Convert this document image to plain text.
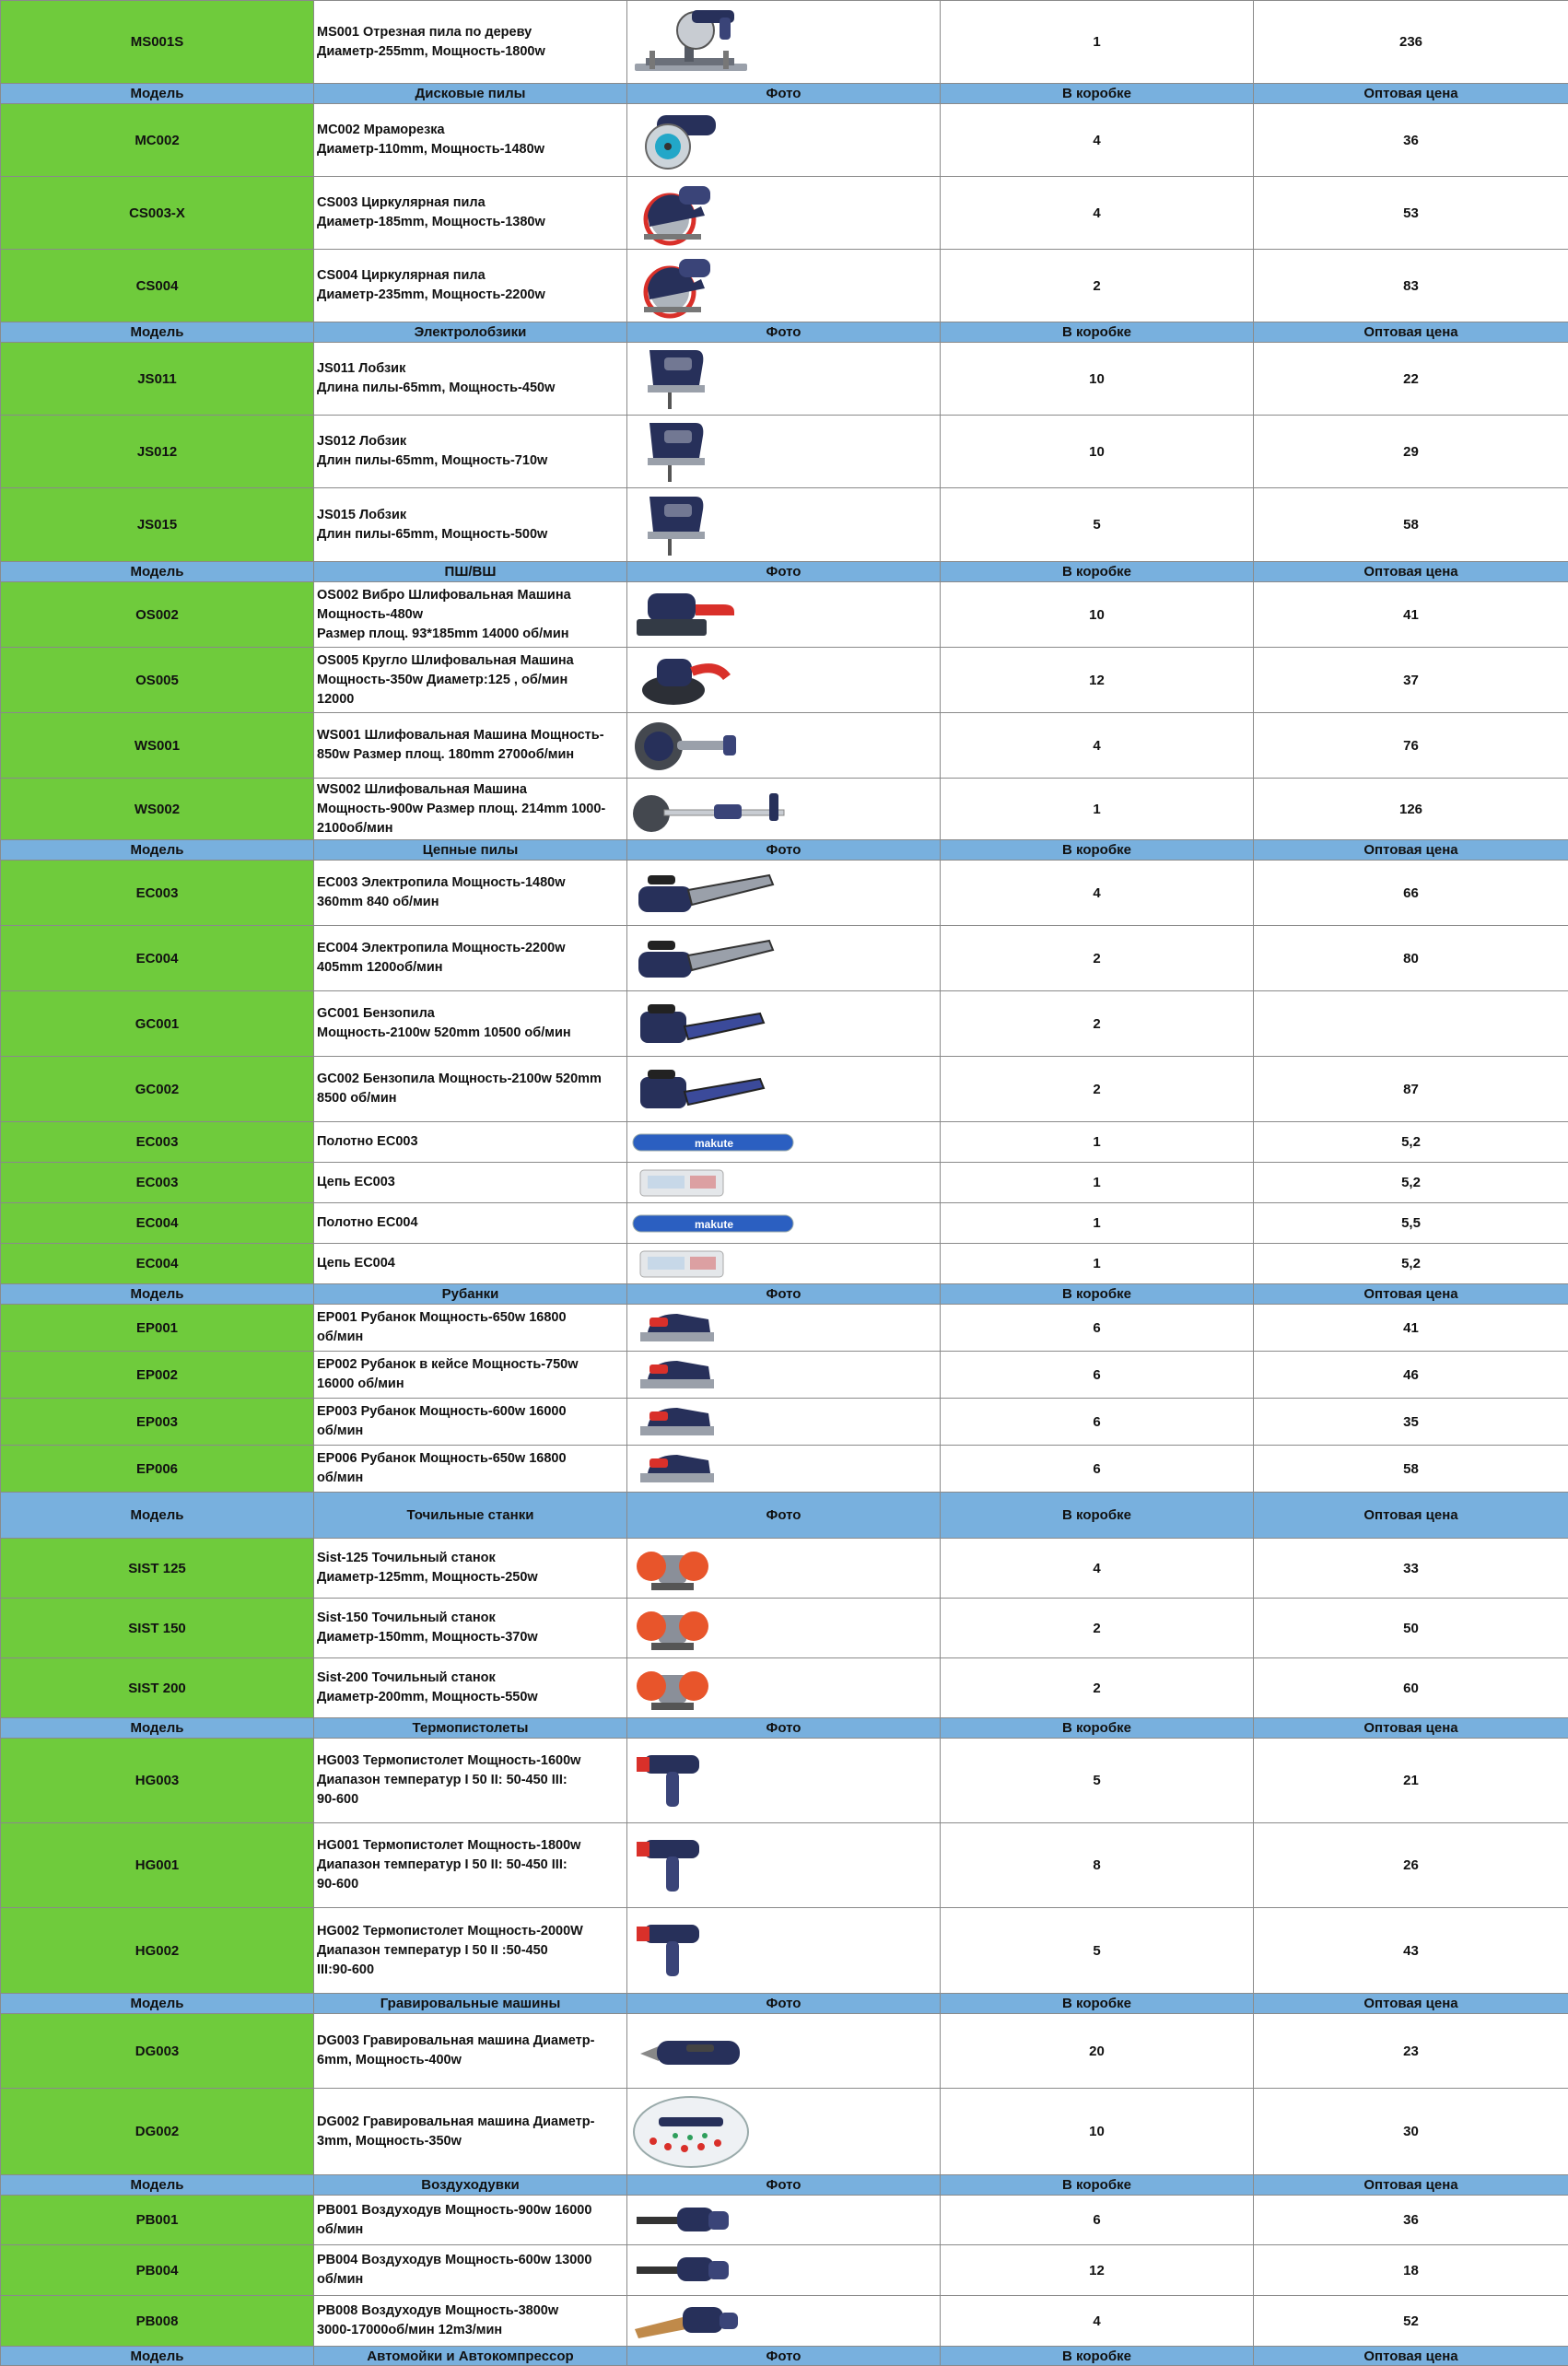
MS001S	MS001 Отрезная пила по дереву
Диаметр-255mm, Мощность-1800w		1	236
Модель	Дисковые пилы	Фото	В коробке	Оптовая цена
MC002	MC002 Мраморезка
Диаметр-110mm, Мощность-1480w		4	36
CS003-X	CS003 Циркулярная пила
Диаметр-185mm, Мощность-1380w		4	53
CS004	CS004 Циркулярная пила
Диаметр-235mm, Мощность-2200w		2	83
Модель	Электролобзики	Фото	В коробке	Оптовая цена
JS011	JS011 Лобзик
Длина пилы-65mm, Мощность-450w		10	22
JS012	JS012 Лобзик
Длин пилы-65mm, Мощность-710w		10	29
JS015	JS015 Лобзик
Длин пилы-65mm, Мощность-500w		5	58
Модель	ПШ/ВШ	Фото	В коробке	Оптовая цена
OS002	OS002 Вибро Шлифовальная Машина
Мощность-480w
Размер площ. 93*185mm 14000 об/мин		10	41
OS005	OS005 Кругло Шлифовальная Машина
Мощность-350w Диаметр:125 , об/мин
12000		12	37
WS001	WS001 Шлифовальная Машина Мощность-
850w Размер площ. 180mm 2700об/мин		4	76
WS002	WS002 Шлифовальная Машина
Мощность-900w Размер площ. 214mm 1000-
2100об/мин		1	126
Модель	Цепные пилы	Фото	В коробке	Оптовая цена
EC003	EC003 Электропила Мощность-1480w
360mm 840 об/мин		4	66
EC004	EC004 Электропила Мощность-2200w
405mm 1200об/мин		2	80
GC001	GC001 Бензопила
Мощность-2100w 520mm 10500 об/мин		2	
GC002	GC002 Бензопила Мощность-2100w 520mm
8500 об/мин		2	87
EC003	Полотно EC003	makute	1	5,2
EC003	Цепь EC003		1	5,2
EC004	Полотно EC004	makute	1	5,5
EC004	Цепь EC004		1	5,2
Модель	Рубанки	Фото	В коробке	Оптовая цена
EP001	EP001 Рубанок Мощность-650w 16800
об/мин		6	41
EP002	EP002 Рубанок в кейсе Мощность-750w
16000 об/мин		6	46
EP003	EP003 Рубанок Мощность-600w 16000
об/мин		6	35
EP006	EP006 Рубанок Мощность-650w 16800
об/мин		6	58
Модель	Точильные станки	Фото	В коробке	Оптовая цена
SIST 125	Sist-125 Точильный станок
Диаметр-125mm, Мощность-250w		4	33
SIST 150	Sist-150 Точильный станок
Диаметр-150mm, Мощность-370w		2	50
SIST 200	Sist-200 Точильный станок
Диаметр-200mm, Мощность-550w		2	60
Модель	Термопистолеты	Фото	В коробке	Оптовая цена
HG003	HG003 Термопистолет Мощность-1600w
Диапазон температур I 50 II: 50-450 III:
90-600		5	21
HG001	HG001 Термопистолет Мощность-1800w
Диапазон температур I 50 II: 50-450 III:
90-600		8	26
HG002	HG002 Термопистолет Мощность-2000W
Диапазон температур I 50 II :50-450
III:90-600		5	43
Модель	Гравировальные машины	Фото	В коробке	Оптовая цена
DG003	DG003 Гравировальная машина Диаметр-
6mm, Мощность-400w		20	23
DG002	DG002 Гравировальная машина Диаметр-
3mm, Мощность-350w		10	30
Модель	Воздуходувки	Фото	В коробке	Оптовая цена
PB001	PB001 Воздуходув Мощность-900w 16000
об/мин		6	36
PB004	PB004 Воздуходув Мощность-600w 13000
об/мин		12	18
PB008	PB008 Воздуходув Мощность-3800w
3000-17000об/мин 12m3/мин		4	52
Модель	Автомойки и Автокомпрессор	Фото	В коробке	Оптовая цена
